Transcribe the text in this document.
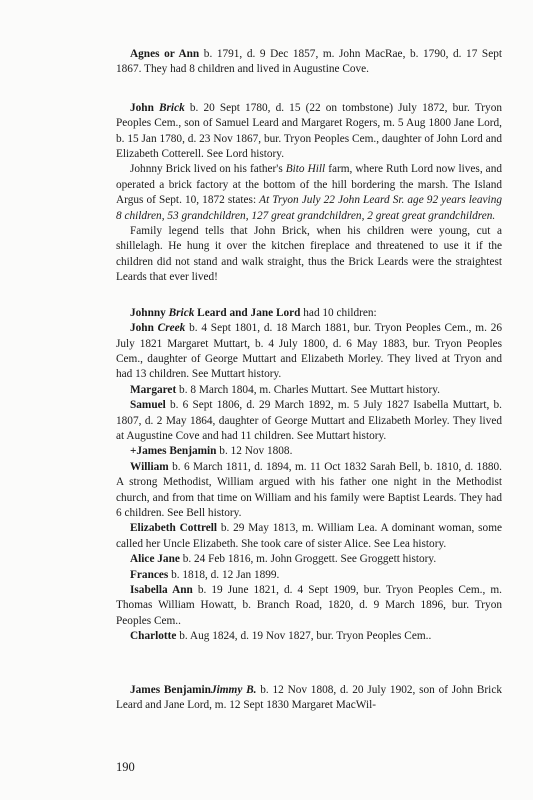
Agnes or Ann b. 1791, d. 9 Dec 1857, m. John MacRae, b. 1790, d. 17 Sept 1867. They had 8 children and lived in Augustine Cove.

John Brick b. 20 Sept 1780, d. 15 (22 on tombstone) July 1872, bur. Tryon Peoples Cem., son of Samuel Leard and Margaret Rogers, m. 5 Aug 1800 Jane Lord, b. 15 Jan 1780, d. 23 Nov 1867, bur. Tryon Peoples Cem., daughter of John Lord and Elizabeth Cotterell. See Lord history.

Johnny Brick lived on his father's Bito Hill farm, where Ruth Lord now lives, and operated a brick factory at the bottom of the hill bordering the marsh. The Island Argus of Sept. 10, 1872 states: At Tryon July 22 John Leard Sr. age 92 years leaving 8 children, 53 grandchildren, 127 great grandchildren, 2 great great grandchildren.

Family legend tells that John Brick, when his children were young, cut a shillelagh. He hung it over the kitchen fireplace and threatened to use it if the children did not stand and walk straight, thus the Brick Leards were the straightest Leards that ever lived!

Johnny Brick Leard and Jane Lord had 10 children:

John Creek b. 4 Sept 1801, d. 18 March 1881, bur. Tryon Peoples Cem., m. 26 July 1821 Margaret Muttart, b. 4 July 1800, d. 6 May 1883, bur. Tryon Peoples Cem., daughter of George Muttart and Elizabeth Morley. They lived at Tryon and had 13 children. See Muttart history.

Margaret b. 8 March 1804, m. Charles Muttart. See Muttart history.

Samuel b. 6 Sept 1806, d. 29 March 1892, m. 5 July 1827 Isabella Muttart, b. 1807, d. 2 May 1864, daughter of George Muttart and Elizabeth Morley. They lived at Augustine Cove and had 11 children. See Muttart history.

+James Benjamin b. 12 Nov 1808.

William b. 6 March 1811, d. 1894, m. 11 Oct 1832 Sarah Bell, b. 1810, d. 1880. A strong Methodist, William argued with his father one night in the Methodist church, and from that time on William and his family were Baptist Leards. They had 6 children. See Bell history.

Elizabeth Cottrell b. 29 May 1813, m. William Lea. A dominant woman, some called her Uncle Elizabeth. She took care of sister Alice. See Lea history.

Alice Jane b. 24 Feb 1816, m. John Groggett. See Groggett history.

Frances b. 1818, d. 12 Jan 1899.

Isabella Ann b. 19 June 1821, d. 4 Sept 1909, bur. Tryon Peoples Cem., m. Thomas William Howatt, b. Branch Road, 1820, d. 9 March 1896, bur. Tryon Peoples Cem..

Charlotte b. Aug 1824, d. 19 Nov 1827, bur. Tryon Peoples Cem..

James BenjaminJimmy B. b. 12 Nov 1808, d. 20 July 1902, son of John Brick Leard and Jane Lord, m. 12 Sept 1830 Margaret MacWil-

190
